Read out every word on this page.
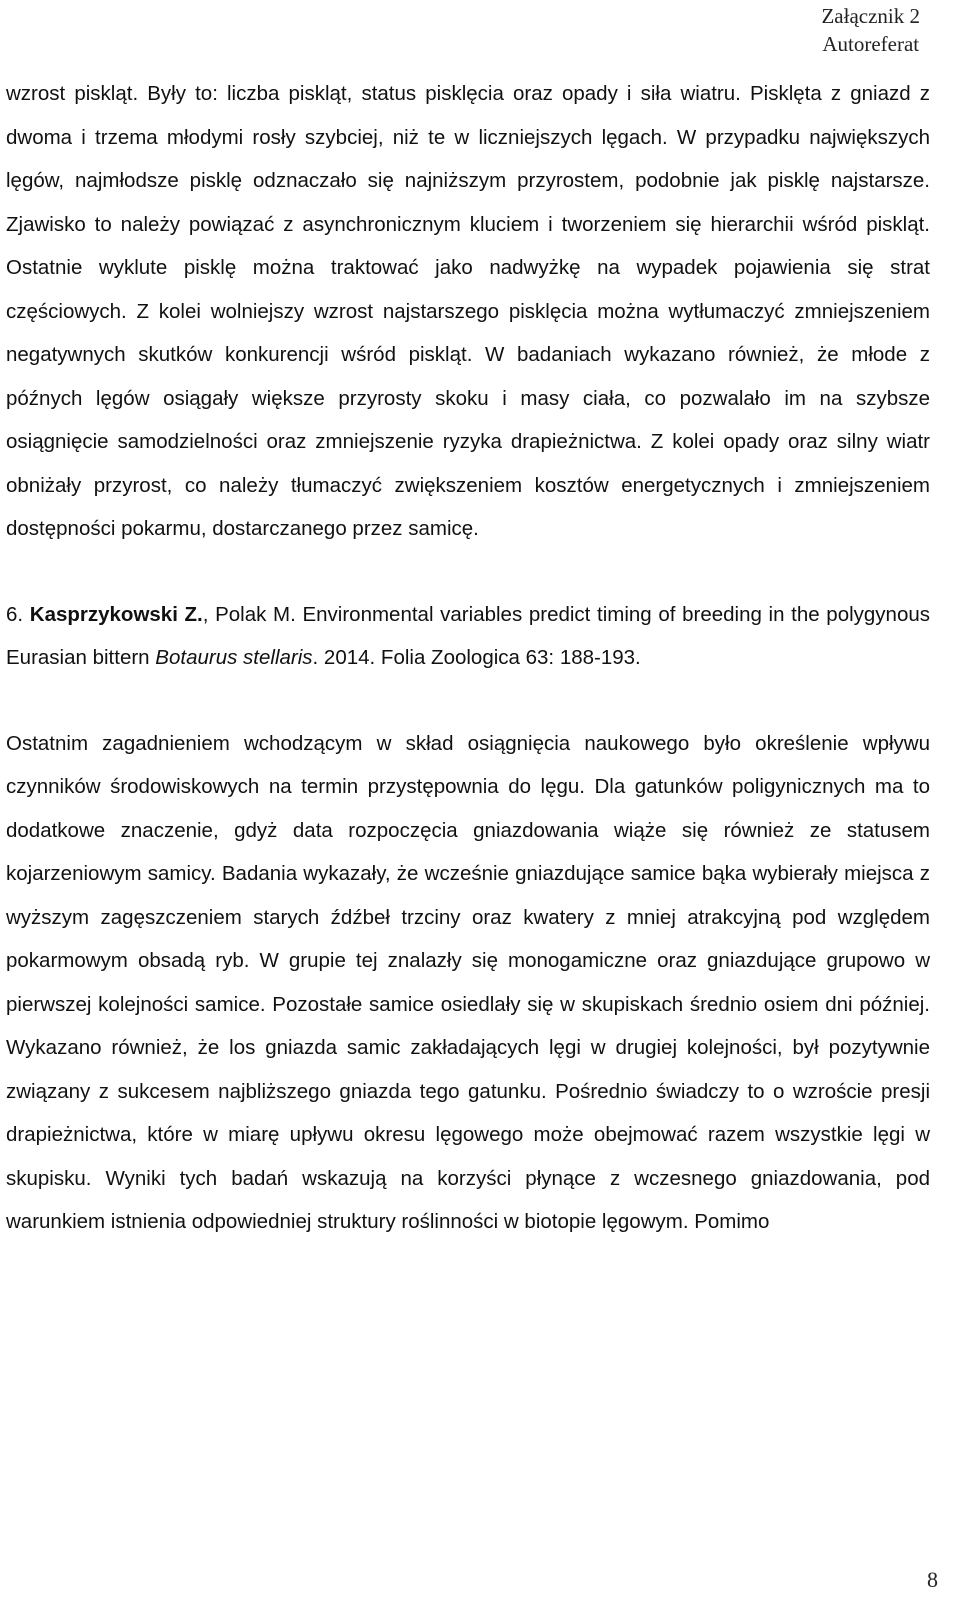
Załącznik 2
Autoreferat

wzrost piskląt. Były to: liczba piskląt, status pisklęcia oraz opady i siła wiatru. Pisklęta z gniazd z dwoma i trzema młodymi rosły szybciej, niż te w liczniejszych lęgach. W przypadku największych lęgów, najmłodsze pisklę odznaczało się najniższym przyrostem, podobnie jak pisklę najstarsze. Zjawisko to należy powiązać z asynchronicznym kluciem i tworzeniem się hierarchii wśród piskląt. Ostatnie wyklute pisklę można traktować jako nadwyżkę na wypadek pojawienia się strat częściowych. Z kolei wolniejszy wzrost najstarszego pisklęcia można wytłumaczyć zmniejszeniem negatywnych skutków konkurencji wśród piskląt. W badaniach wykazano również, że młode z późnych lęgów osiągały większe przyrosty skoku i masy ciała, co pozwalało im na szybsze osiągnięcie samodzielności oraz zmniejszenie ryzyka drapieżnictwa. Z kolei opady oraz silny wiatr obniżały przyrost, co należy tłumaczyć zwiększeniem kosztów energetycznych i zmniejszeniem dostępności pokarmu, dostarczanego przez samicę.

6. Kasprzykowski Z., Polak M. Environmental variables predict timing of breeding in the polygynous Eurasian bittern Botaurus stellaris. 2014. Folia Zoologica 63: 188-193.

Ostatnim zagadnieniem wchodzącym w skład osiągnięcia naukowego było określenie wpływu czynników środowiskowych na termin przystępownia do lęgu. Dla gatunków poligynicznych ma to dodatkowe znaczenie, gdyż data rozpoczęcia gniazdowania wiąże się również ze statusem kojarzeniowym samicy. Badania wykazały, że wcześnie gniazdujące samice bąka wybierały miejsca z wyższym zagęszczeniem starych źdźbeł trzciny oraz kwatery z mniej atrakcyjną pod względem pokarmowym obsadą ryb. W grupie tej znalazły się monogamiczne oraz gniazdujące grupowo w pierwszej kolejności samice. Pozostałe samice osiedlały się w skupiskach średnio osiem dni później. Wykazano również, że los gniazda samic zakładających lęgi w drugiej kolejności, był pozytywnie związany z sukcesem najbliższego gniazda tego gatunku. Pośrednio świadczy to o wzroście presji drapieżnictwa, które w miarę upływu okresu lęgowego może obejmować razem wszystkie lęgi w skupisku. Wyniki tych badań wskazują na korzyści płynące z wczesnego gniazdowania, pod warunkiem istnienia odpowiedniej struktury roślinności w biotopie lęgowym. Pomimo

8
